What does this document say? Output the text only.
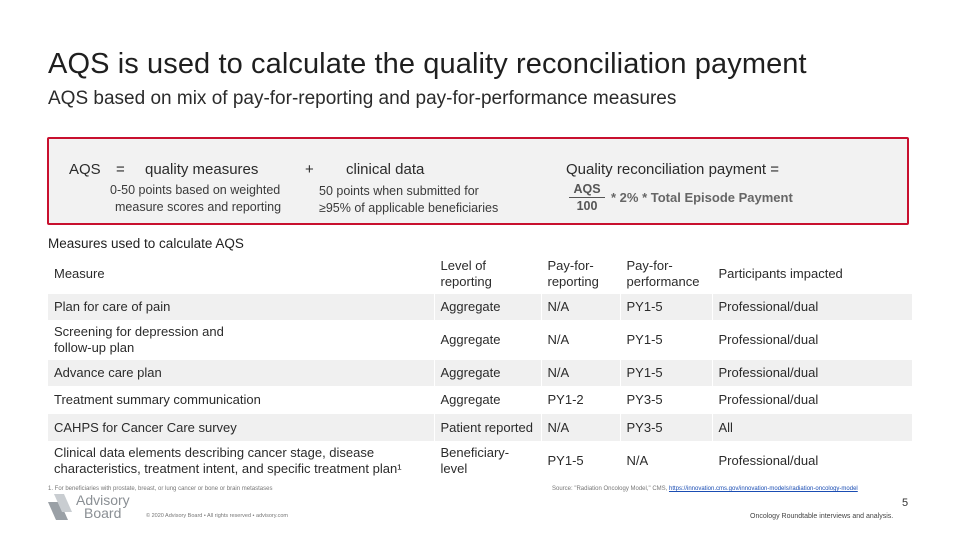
AQS is used to calculate the quality reconciliation payment
AQS based on mix of pay-for-reporting and pay-for-performance measures
AQS = quality measures	+ clinical data
0-50 points based on weighted
measure scores and reporting
50 points when submitted for
≥95% of applicable beneficiaries
Quality reconciliation payment =
AQS
100
* 2% * Total Episode Payment
Measures used to calculate AQS
Measure	Level of reporting	Pay-for-reporting	Pay-for-performance	Participants impacted
Plan for care of pain	Aggregate	N/A	PY1-5	Professional/dual
Screening for depression and follow-up plan	Aggregate	N/A	PY1-5	Professional/dual
Advance care plan	Aggregate	N/A	PY1-5	Professional/dual
Treatment summary communication	Aggregate	PY1-2	PY3-5	Professional/dual
CAHPS for Cancer Care survey	Patient reported	N/A	PY3-5	All
Clinical data elements describing cancer stage, disease characteristics, treatment intent, and specific treatment plan¹	Beneficiary-level	PY1-5	N/A	Professional/dual
1. For beneficiaries with prostate, breast, or lung cancer or bone or brain metastases	Source: "Radiation Oncology Model," CMS, https://innovation.cms.gov/innovation-models/radiation-oncology-model
5
Oncology Roundtable interviews and analysis.
Advisory
Board	© 2020 Advisory Board • All rights reserved • advisory.com
